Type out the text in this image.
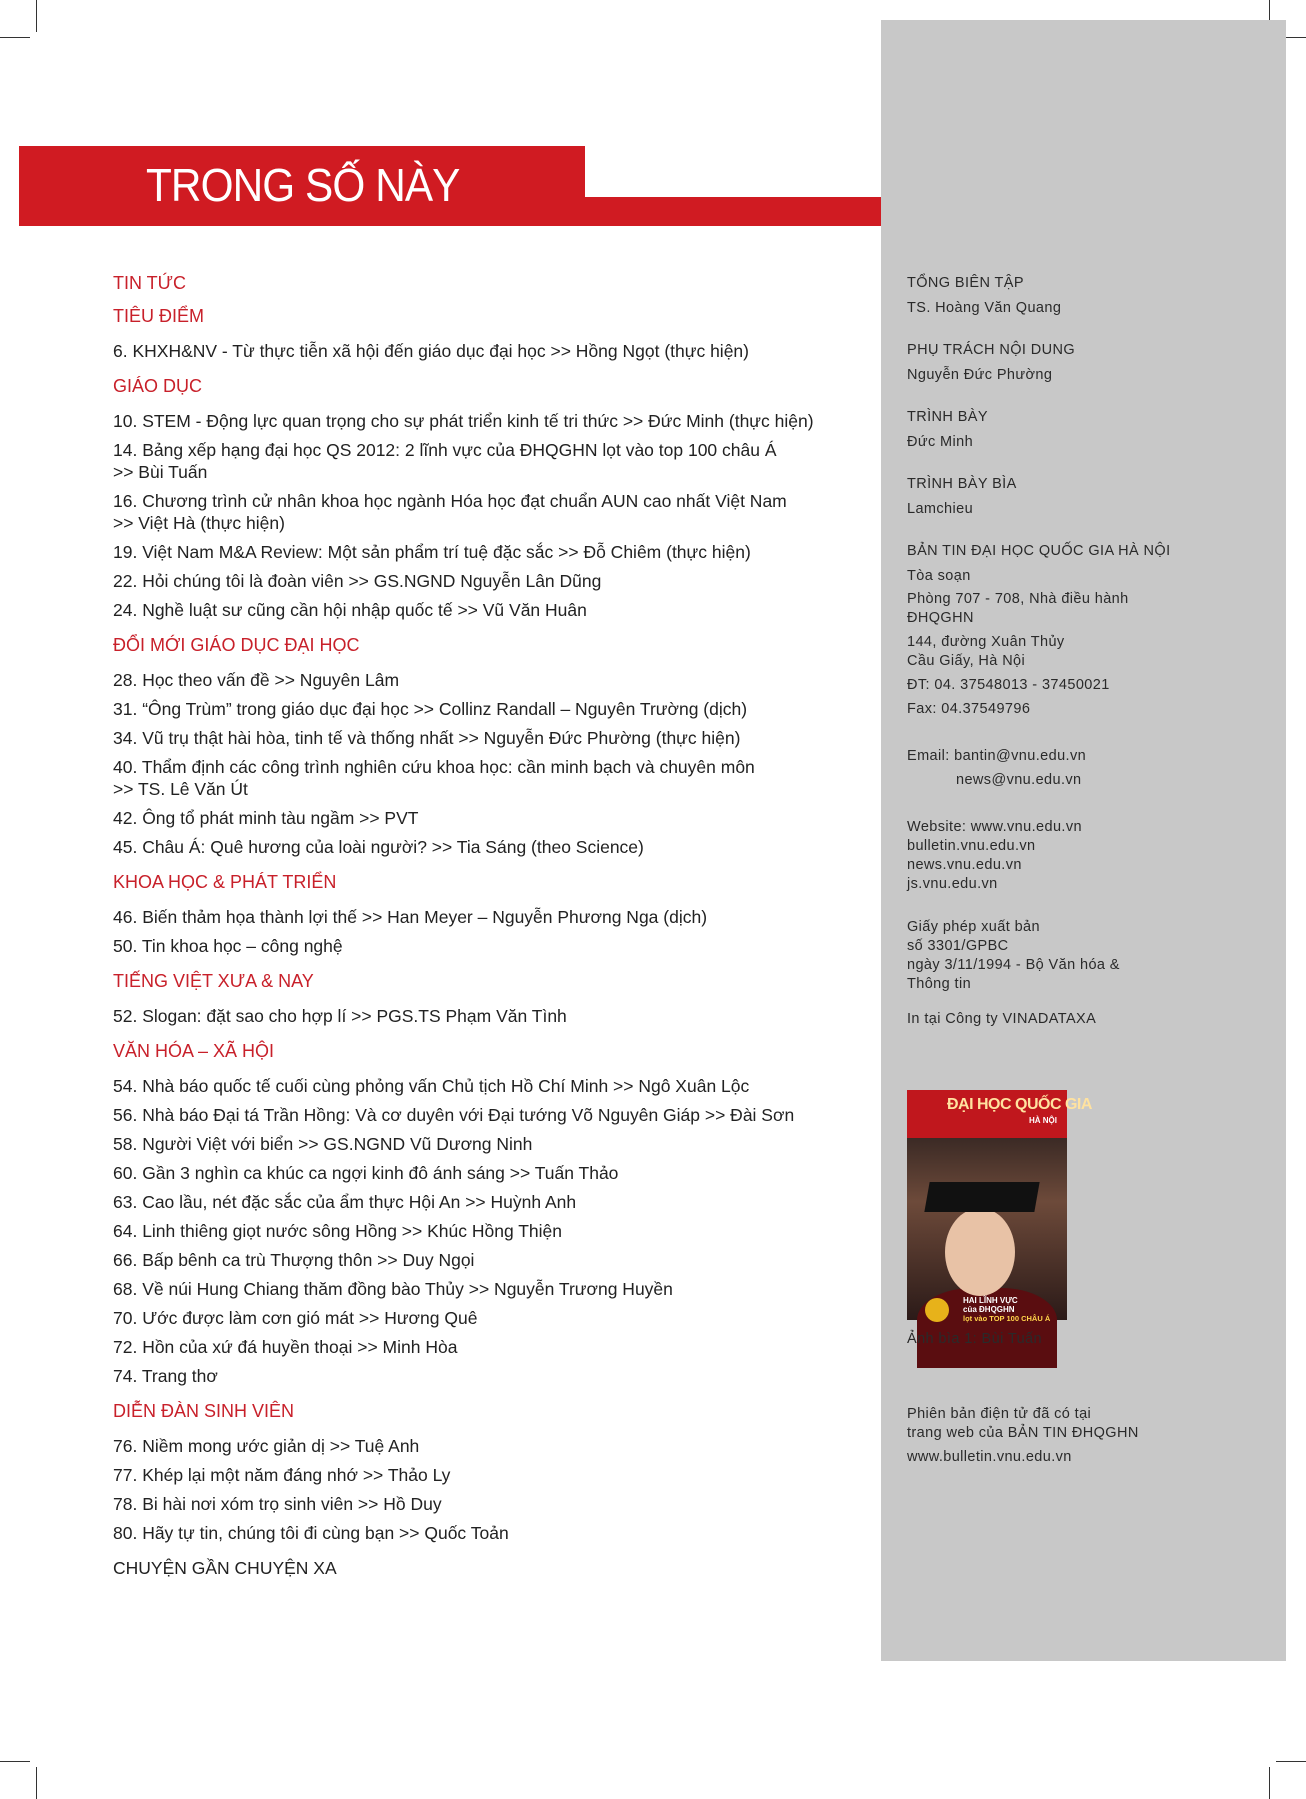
TRONG SỐ NÀY
TIN TỨC
TIÊU ĐIỂM
6. KHXH&NV - Từ thực tiễn xã hội đến giáo dục đại học >> Hồng Ngọt (thực hiện)
GIÁO DỤC
10. STEM - Động lực quan trọng cho sự phát triển kinh tế tri thức >> Đức Minh (thực hiện)
14. Bảng xếp hạng đại học QS 2012: 2 lĩnh vực của ĐHQGHN lọt vào top 100 châu Á
>> Bùi Tuấn
16. Chương trình cử nhân khoa học ngành Hóa học đạt chuẩn AUN cao nhất Việt Nam
>> Việt Hà (thực hiện)
19. Việt Nam M&A Review: Một sản phẩm trí tuệ đặc sắc >> Đỗ Chiêm (thực hiện)
22. Hỏi chúng tôi là đoàn viên >> GS.NGND Nguyễn Lân Dũng
24. Nghề luật sư cũng cần hội nhập quốc tế >> Vũ Văn Huân
ĐỔI MỚI GIÁO DỤC ĐẠI HỌC
28. Học theo vấn đề >> Nguyên Lâm
31. “Ông Trùm” trong giáo dục đại học >> Collinz Randall – Nguyên Trường (dịch)
34. Vũ trụ thật hài hòa, tinh tế và thống nhất >> Nguyễn Đức Phường (thực hiện)
40. Thẩm định các công trình nghiên cứu khoa học: cần minh bạch và chuyên môn
>> TS. Lê Văn Út
42. Ông tổ phát minh tàu ngầm >> PVT
45. Châu Á: Quê hương của loài người? >> Tia Sáng (theo Science)
KHOA HỌC & PHÁT TRIỂN
46. Biến thảm họa thành lợi thế >> Han Meyer – Nguyễn Phương Nga (dịch)
50. Tin khoa học – công nghệ
TIẾNG VIỆT XƯA & NAY
52. Slogan: đặt sao cho hợp lí >> PGS.TS Phạm Văn Tình
VĂN HÓA – XÃ HỘI
54. Nhà báo quốc tế cuối cùng phỏng vấn Chủ tịch Hồ Chí Minh >> Ngô Xuân Lộc
56. Nhà báo Đại tá Trần Hồng: Và cơ duyên với Đại tướng Võ Nguyên Giáp >> Đài Sơn
58. Người Việt với biển >> GS.NGND Vũ Dương Ninh
60. Gần 3 nghìn ca khúc ca ngợi kinh đô ánh sáng >> Tuấn Thảo
63. Cao lầu, nét đặc sắc của ẩm thực Hội An >> Huỳnh Anh
64. Linh thiêng giọt nước sông Hồng >> Khúc Hồng Thiện
66. Bấp bênh ca trù Thượng thôn >> Duy Ngọi
68. Về núi Hung Chiang thăm đồng bào Thủy >> Nguyễn Trương Huyền
70. Ước được làm cơn gió mát >> Hương Quê
72. Hồn của xứ đá huyền thoại >> Minh Hòa
74. Trang thơ
DIỄN ĐÀN SINH VIÊN
76. Niềm mong ước giản dị >> Tuệ Anh
77. Khép lại một năm đáng nhớ >> Thảo Ly
78. Bi hài nơi xóm trọ sinh viên >> Hồ Duy
80. Hãy tự tin, chúng tôi đi cùng bạn >> Quốc Toản
CHUYỆN GẦN CHUYỆN XA
TỔNG BIÊN TẬP
TS. Hoàng Văn Quang
PHỤ TRÁCH NỘI DUNG
Nguyễn Đức Phường
TRÌNH BÀY
Đức Minh
TRÌNH BÀY BÌA
Lamchieu
BẢN TIN ĐẠI HỌC QUỐC GIA HÀ NỘI
Tòa soạn
Phòng 707 - 708, Nhà điều hành
ĐHQGHN
144, đường Xuân Thủy
Cầu Giấy, Hà Nội
ĐT: 04. 37548013 - 37450021
Fax: 04.37549796
Email: bantin@vnu.edu.vn
news@vnu.edu.vn
Website: www.vnu.edu.vn
bulletin.vnu.edu.vn
news.vnu.edu.vn
js.vnu.edu.vn
Giấy phép xuất bản
số 3301/GPBC
ngày 3/11/1994 - Bộ Văn hóa &
Thông tin
In tại Công ty VINADATAXA
ĐẠI HỌC QUỐC GIA
HÀ NỘI
HAI LĨNH VỰC
của ĐHQGHN
lọt vào TOP 100 CHÂU Á
Ảnh bìa 1: Bùi Tuấn
Phiên bản điện tử đã có tại
trang web của BẢN TIN ĐHQGHN
www.bulletin.vnu.edu.vn
